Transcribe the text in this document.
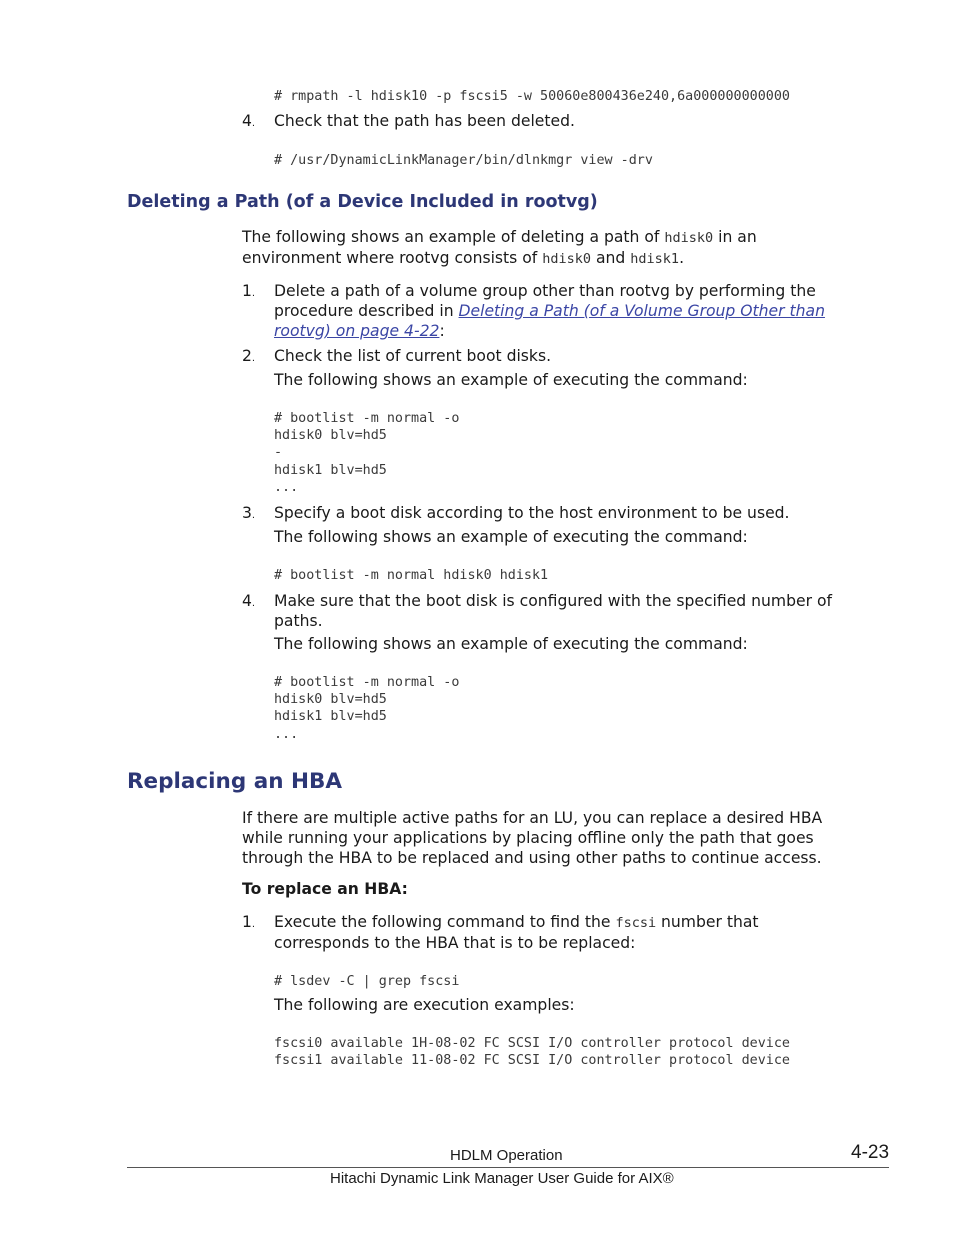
# rmpath -l hdisk10 -p fscsi5 -w 50060e800436e240,6a000000000000
4. Check that the path has been deleted.
# /usr/DynamicLinkManager/bin/dlnkmgr view -drv
Deleting a Path (of a Device Included in rootvg)
The following shows an example of deleting a path of hdisk0 in an
environment where rootvg consists of hdisk0 and hdisk1.
1. Delete a path of a volume group other than rootvg by performing the
procedure described in Deleting a Path (of a Volume Group Other than
rootvg) on page 4-22:
2. Check the list of current boot disks.
The following shows an example of executing the command:
# bootlist -m normal -o
hdisk0 blv=hd5
-
hdisk1 blv=hd5
...
3. Specify a boot disk according to the host environment to be used.
The following shows an example of executing the command:
# bootlist -m normal hdisk0 hdisk1
4. Make sure that the boot disk is configured with the specified number of
paths.
The following shows an example of executing the command:
# bootlist -m normal -o
hdisk0 blv=hd5
hdisk1 blv=hd5
...
Replacing an HBA
If there are multiple active paths for an LU, you can replace a desired HBA
while running your applications by placing offline only the path that goes
through the HBA to be replaced and using other paths to continue access.
To replace an HBA:
1. Execute the following command to find the fscsi number that
corresponds to the HBA that is to be replaced:
# lsdev -C | grep fscsi
The following are execution examples:
fscsi0 available 1H-08-02 FC SCSI I/O controller protocol device
fscsi1 available 11-08-02 FC SCSI I/O controller protocol device
HDLM Operation	4-23
Hitachi Dynamic Link Manager User Guide for AIX®
